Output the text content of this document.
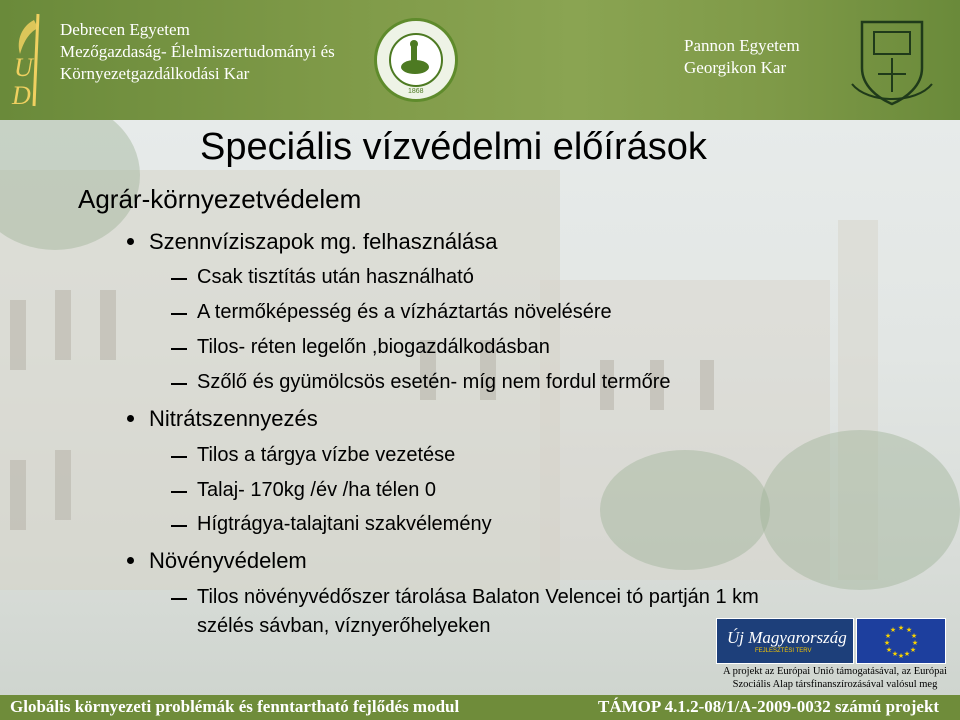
U
D
Debrecen Egyetem
Mezőgazdaság- Élelmiszertudományi és
Környezetgazdálkodási Kar
1868
Pannon Egyetem
Georgikon Kar
Speciális vízvédelmi előírások
Agrár-környezetvédelem
Szennvíziszapok mg. felhasználása
Csak tisztítás után használható
A termőképesség és a vízháztartás növelésére
Tilos- réten legelőn ,biogazdálkodásban
Szőlő és gyümölcsös esetén- míg nem fordul termőre
Nitrátszennyezés
Tilos a tárgya vízbe vezetése
Talaj- 170kg /év /ha télen 0
Hígtrágya-talajtani szakvélemény
Növényvédelem
Tilos növényvédőszer tárolása Balaton Velencei tó partján 1 km
szélés sávban, víznyerőhelyeken
Új Magyarország
FEJLESZTÉSI TERV
★ ★
★
★
★
★
★
★
★
★
★
★
A projekt az Európai Unió támogatásával, az Európai
Szociális Alap társfinanszírozásával valósul meg
Globális környezeti problémák és fenntartható fejlődés modul	TÁMOP 4.1.2-08/1/A-2009-0032 számú projekt
